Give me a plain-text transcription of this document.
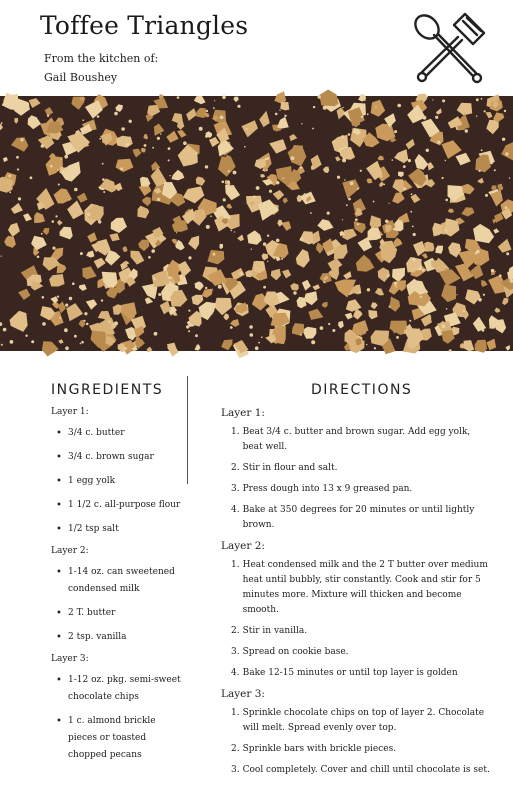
Toffee Triangles
From the kitchen of:
Gail Boushey
INGREDIENTS	DIRECTIONS
Layer 1:
• 3/4 c. butter
• 3/4 c. brown sugar
• 1 egg yolk
• 1 1/2 c. all-purpose flour
• 1/2 tsp salt
Layer 2:
• 1-14 oz. can sweetened condensed milk
• 2 T. butter
• 2 tsp. vanilla
Layer 3:
• 1-12 oz. pkg. semi-sweet chocolate chips
• 1 c. almond brickle pieces or toasted chopped pecans
Layer 1:
1. Beat 3/4 c. butter and brown sugar. Add egg yolk, beat well.
2. Stir in flour and salt.
3. Press dough into 13 x 9 greased pan.
4. Bake at 350 degrees for 20 minutes or until lightly brown.
Layer 2:
1. Heat condensed milk and the 2 T butter over medium heat until bubbly, stir constantly. Cook and stir for 5 minutes more. Mixture will thicken and become smooth.
2. Stir in vanilla.
3. Spread on cookie base.
4. Bake 12-15 minutes or until top layer is golden
Layer 3:
1. Sprinkle chocolate chips on top of layer 2. Chocolate will melt. Spread evenly over top.
2. Sprinkle bars with brickle pieces.
3. Cool completely. Cover and chill until chocolate is set.
